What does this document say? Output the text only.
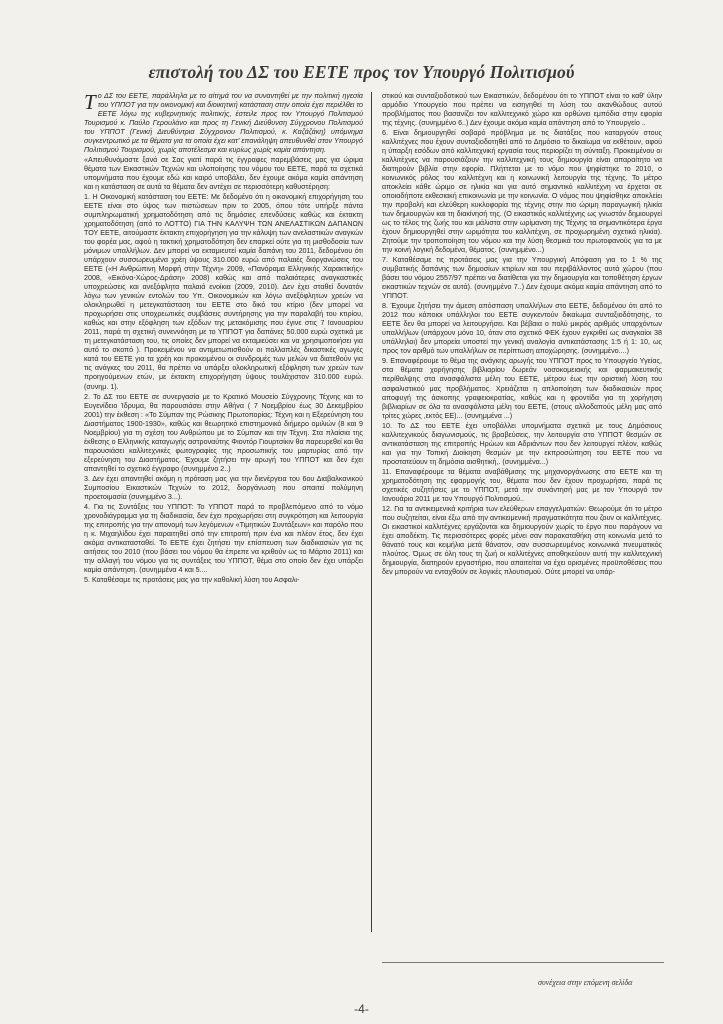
επιστολή του ΔΣ του ΕΕΤΕ προς τον Υπουργό Πολιτισμού

Το ΔΣ του ΕΕΤΕ, παράλληλα με το αίτημά του να συναντηθεί με την πολιτική ηγεσία του ΥΠΠΟΤ για την οικονομική και διοικητική κατάσταση στην οποία έχει περιέλθει το ΕΕΤΕ λόγω της κυβερνητικής πολιτικής, έστειλε προς τον Υπουργό Πολιτισμού Τουρισμού κ. Παύλο Γερουλάνο και προς τη Γενική Διεύθυνση Σύγχρονου Πολιτισμού του ΥΠΠΟΤ (Γενική Διευθύντρια Σύγχρονου Πολιτισμού, κ. Καζάζάκη) υπόμνημα συγκεντρωτικό με τα θέματα για τα οποία έχει κατ' επανάληψη απευθυνθεί στον Υπουργό Πολιτισμού Τουρισμού, χωρίς αποτέλεσμα και κυρίως χωρίς καμία απάντηση.

«Απευθυνόμαστε ξανά σε Σας γιατί παρά τις έγγραφες παρεμβάσεις μας για ώριμα θέματα των Εικαστικών Τεχνών και υλοποίησης του νόμου του ΕΕΤΕ, παρά τα σχετικά υπομνήματα που έχουμε εδώ και καιρό υποβάλει, δεν έχουμε ακόμα καμία απάντηση και η κατάσταση σε αυτά τα θέματα δεν αντέχει σε περισσότερη καθυστέρηση:

1. Η Οικονομική κατάσταση του ΕΕΤΕ: Με δεδομένο ότι η οικονομική επιχορήγηση του ΕΕΤΕ είναι στο ύψος των πιστώσεων πριν το 2005, όπου τότε υπήρξε πάντα συμπληρωματική χρηματοδότηση από τις δημόσιες επενδύσεις καθώς και έκτακτη χρηματοδότηση (από το ΛΟΤΤΟ) ΓΙΑ ΤΗΝ ΚΑΛΥΨΗ ΤΩΝ ΑΝΕΛΑΣΤΙΚΩΝ ΔΑΠΑΝΩΝ ΤΟΥ ΕΕΤΕ, αιτούμαστε έκτακτη επιχορήγηση για την κάλυψη των ανελαστικών αναγκών του φορέα μας, αφού η τακτική χρηματοδότηση δεν επαρκεί ούτε για τη μισθοδοσία των μόνιμων υπαλλήλων. Δεν μπορεί να εκταμιευτεί καμία δαπάνη του 2011, δεδομένου ότι υπάρχουν συσσωρευμένα χρέη ύψους 310.000 ευρώ από παλαιές διοργανώσεις του ΕΕΤΕ («Η Ανθρώπινη Μορφή στην Τέχνη» 2009, «Πανόραμα Ελληνικής Χαρακτικής» 2008, «Εικόνα-Χώρος-Δράση» 2008) καθώς και από παλαιότερες αναγκαστικές υποχρεώσεις και ανεξόφλητα παλαιά ενοίκια (2009, 2010). Δεν έχει σταθεί δυνατόν λόγω των γενικών εντολών του Υπ. Οικονομικών και λόγω ανεξόφλητων χρεών να ολοκληρωθεί η μετεγκατάσταση του ΕΕΤΕ στο δικό του κτίριο (δεν μπορεί να προχωρήσει στις υποχρεωτικές συμβάσεις συντήρησης για την παραλαβή του κτιρίου, καθώς και στην εξόφληση των εξόδων της μετακόμισης που έγινε στις 7 Ιανουαρίου 2011, παρά τη σχετική συνεννόηση με το ΥΠΠΟΤ για δαπάνες 50.000 ευρώ σχετικά με τη μετεγκατάσταση του, τις οποίες δεν μπορεί να εκταμιεύσει και να χρησιμοποιήσει για αυτό το σκοπό ). Προκειμένου να αντιμετωπισθούν οι πολλαπλές δικαστικές αγωγές κατά του ΕΕΤΕ για τα χρέη και προκειμένου οι συνδρομές των μελών να διατεθούν για τις ανάγκες του 2011, θα πρέπει να υπάρξει ολοκληρωτική εξόφληση των χρεών των προηγούμενων ετών, με έκτακτη επιχορήγηση ύψους τουλάχιστον 310.000 ευρώ. (συνημ. 1).

2. Το ΔΣ του ΕΕΤΕ σε συνεργασία με το Κρατικό Μουσείο Σύγχρονης Τέχνης και το Ευγενίδειο Ίδρυμα, θα παρουσιάσει στην Αθήνα ( 7 Νοεμβρίου έως 30 Δεκεμβρίου 2001) την έκθεση : «Το Σύμπαν της Ρώσικης Πρωτοπορίας: Τέχνη και η Εξερεύνηση του Διαστήματος 1900-1930», καθώς και θεωρητικό επιστημονικό διήμερο ομιλιών (8 και 9 Νοεμβρίου) για τη σχέση του Ανθρώπου με το Σύμπαν και την Τέχνη. Στα πλαίσια της έκθεσης ο Ελληνικής καταγωγής αστροναύτης Φιοντόρ Γιουρτσίκιν θα παρευρεθεί και θα παρουσιάσει καλλιτεχνικές φωτογραφίες της προσωπικής του μαρτυρίας από την εξερεύνηση του Διαστήματος. Έχουμε ζητήσει την αρωγή του ΥΠΠΟΤ και δεν έχει απαντηθεί το σχετικό έγγραφο (συνημμένο 2..)

3. Δεν έχει απαντηθεί ακόμη η πρόταση μας για την διενέργεια του 6ου Διαβαλκανικού Συμποσίου Εικαστικών Τεχνών το 2012, διοργάνωση που απαιτεί πολύμηνη προετοιμασία (συνημμένο 3...).

4. Για τις Συντάξεις του ΥΠΠΟΤ: Το ΥΠΠΟΤ παρά το προβλεπόμενο από το νόμο χρονοδιάγραμμα για τη διαδικασία, δεν έχει προχωρήσει στη συγκρότηση και λειτουργία της επιτροπής για την απονομή των λεγόμενων «Τιμητικών Συντάξεων» και παρόλο που η κ. Μιχαηλίδου έχει παραιτηθεί από την επιτροπή πριν ένα και πλέον έτος, δεν έχει ακόμα αντικατασταθεί. Το ΕΕΤΕ έχει ζητήσει την επίσπευση των διαδικασιών για τις αιτήσεις του 2010 (που βάσει του νόμου θα έπρεπε να κριθούν ως το Μάρτιο 2011) και την αλλαγή του νόμου για τις συντάξεις του ΥΠΠΟΤ, θέμα στο οποίο δεν έχει υπάρξει καμία απάντηση. (συνημμένα 4 και 5....

5. Καταθέσαμε τις προτάσεις μας για την καθολική λύση του Ασφαλι-

στικού και συνταξιοδοτικού των Εικαστικών, δεδομένου ότι το ΥΠΠΟΤ είναι το καθ' ύλην αρμόδιο Υπουργείο που πρέπει να εισηγηθεί τη λύση του ακανθώδους αυτού προβλήματος που βασανίζει τον καλλιτεχνικό χώρο και ορθώνει εμπόδια στην εφορία της τέχνης. (συνημμένο 6..) Δεν έχουμε ακόμα καμία απάντηση από το Υπουργείο ..

6. Είναι δημιουργηθεί σοβαρό πρόβλημα με τις διατάξεις που καταργούν στους καλλιτέχνες που έχουν συνταξιοδοτηθεί από το Δημόσιο το δικαίωμα να εκθέτουν, αφού η ύπαρξη εσόδων από καλλιτεχνική εργασία τους περιορίζει τη σύνταξη. Προκειμένου οι καλλιτέχνες να παρουσιάζουν την καλλιτεχνική τους δημιουργία είναι απαραίτητο να διατηρούν βιβλία στην εφορία. Πλήττεται με το νόμο που ψηφίστηκε το 2010, ο κοινωνικός ρόλος του καλλιτέχνη και η κοινωνική λειτουργία της τέχνης. Το μέτρο αποκλείει κάθε ώριμο σε ηλικία και για αυτό σημαντικό καλλιτέχνη να έρχεται σε οποιαδήποτε εκθεσιακή επικοινωνία με την κοινωνία. Ο νόμος που ψηφίσθηκε αποκλείει την προβολή και ελεύθερη κυκλοφορία της τέχνης στην πιο ώριμη παραγωγική ηλικία των δημιουργών και τη διακίνησή της. (Ο εικαστικός καλλιτέχνης ως γνωστόν δημιουργεί ως το τέλος της ζωής του και μάλιστα στην ωρίμανση της Τέχνης τα σημαντικότερα έργα έχουν δημιουργηθεί στην ωριμότητα του καλλιτέχνη, σε προχωρημένη σχετικά ηλικία). Ζητούμε την τροποποίηση του νόμου και την λύση θεσμικά του πρωτοφανούς για τα με την κοινή λογική δεδομένα, θέματος. (συνημμένο...)

7. Καταθέσαμε τις προτάσεις μας για την Υπουργική Απόφαση για το 1 % της συμβατικής δαπάνης των δημοσίων κτιρίων και του περιβάλλοντος αυτά χώρου (που βάσει του νόμου 2557/97 πρέπει να διατίθεται για την δημιουργία και τοποθέτηση έργων εικαστικών τεχνών σε αυτά). (συνημμένο 7..) Δεν έχουμε ακόμα καμία απάντηση από το ΥΠΠΟΤ.

8. Έχουμε ζητήσει την άμεση απόσπαση υπαλλήλων στο ΕΕΤΕ, δεδομένου ότι από το 2012 που κάποιοι υπάλληλοι του ΕΕΤΕ συγκεντούν δικαίωμα συνταξιοδότησης, το ΕΕΤΕ δεν θα μπορεί να λειτουργήσει. Και βέβαια ο πολύ μικρός αριθμός υπαρχόντων υπαλλήλων (υπάρχουν μόνο 10, όταν στο σχετικό ΦΕΚ έχουν εγκριθεί ως αναγκαίοι 38 υπάλληλοι) δεν μπορεία υποστεί την γενική αναλογία αντικατάστασης 1:5 ή 1: 10, ως προς τον αριθμό των υπαλλήλων σε περίπτωση αποχώρησης. (συνημμένο....)

9. Επαναφέρουμε το θέμα της ανάγκης αρωγής του ΥΠΠΟΤ προς το Υπουργείο Υγείας, στα θέματα χορήγησης βιβλιαρίου δωρεάν νοσοκομειακής και φαρμακευτικής περίθαλψης στα ανασφάλιστα μέλη του ΕΕΤΕ, μέτρου έως την οριστική λύση του ασφαλιστικού μας προβλήματος. Χρειάζεται η απλοποίηση των διαδικασιών προς αποφυγή της άσκοπης γραφειοκρατίας, καθώς και η φροντίδα για τη χορήγηση βιβλιαρίων σε όλα τα ανασφάλιστα μέλη του ΕΕΤΕ, (στους αλλοδαπούς μέλη μας από τρίτες χώρες ,εκτός ΕΕ)... (συνημμένα ...)

10. Το ΔΣ του ΕΕΤΕ έχει υποβάλλει υπομνήματα σχετικά με τους Δημόσιους καλλιτεχνικούς διαγωνισμούς, τις βραβεύσεις, την λειτουργία στο ΥΠΠΟΤ θεσμών σε αντικατάσταση της επιτροπής Ηρώων και Αδριάντων που δεν λειτουργεί πλέον, καθώς και για την Τοπική Διοίκηση θεσμών με την εκπροσώπηση του ΕΕΤΕ που να προστατεύουν τη δημόσια αισθητική,. (συνημμένα...)

11. Επαναφέρουμε τα θέματα αναβάθμισης της μηχανοργάνωσης στο ΕΕΤΕ και τη χρηματοδότηση της εφαρμογής του, θέματα που δεν έχουν προχωρήσει, παρά τις σχετικές συζητήσεις με το ΥΠΠΟΤ, μετά την συνάντησή μας με τον Υπουργό τον Ιανουάριο 2011 με τον Υπουργό Πολιτισμού..

12. Για τα αντικειμενικά κριτήρια των ελεύθερων επαγγελματιών: Θεωρούμε ότι το μέτρο που συζητείται, είναι έξω από την αντικειμενική πραγματικότητα που ζουν οι καλλιτέχνες. Οι εικαστικοί καλλιτέχνες εργάζονται και δημιουργούν χωρίς το έργο που παράγουν να έχει αποδέκτη. Τις περισσότερες φορές μένει σαν παρακαταθήκη στη κοινωνία μετά το θάνατό τους και κειμήλια μετά θάνατον, σαν συσσωρευμένος κοινωνικά πνευματικός πλούτος. Όμως σε όλη τους τη ζωή οι καλλιτέχνες αποθηκεύουν αυτή την καλλιτεχνική δημιουργία, διατηρούν εργαστήριο, που απαιτείται να έχει ορισμένες προϋποθέσεις που δεν μπορούν να ενταχθούν σε λογικές πλουτισμού. Ούτε μπορεί να υπάρ-

συνέχεια στην επόμενη σελίδα
-4-
